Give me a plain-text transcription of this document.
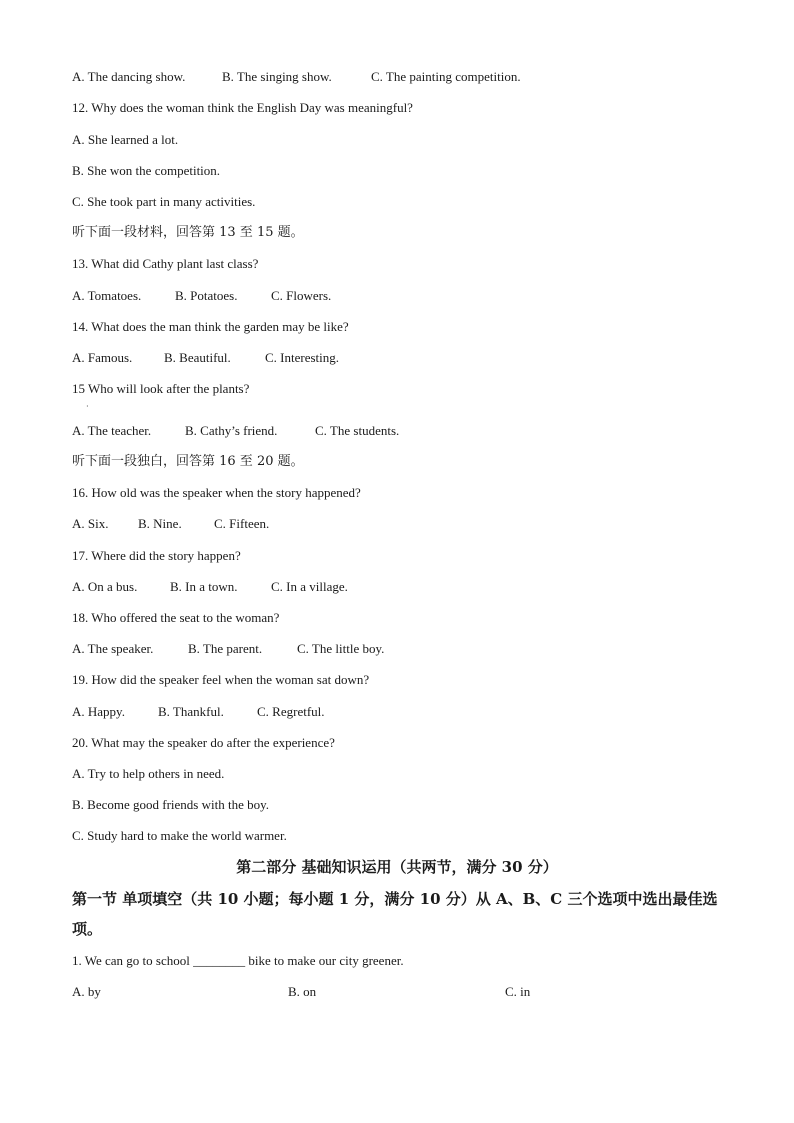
A. The dancing show.	B. The singing show.	C. The painting competition.
12. Why does the woman think the English Day was meaningful?
A. She learned a lot.
B. She won the competition.
C. She took part in many activities.
听下面一段材料，回答第 13 至 15 题。
13. What did Cathy plant last class?
A. Tomatoes.	B. Potatoes.	C. Flowers.
14. What does the man think the garden may be like?
A. Famous. B. Beautiful.	C. Interesting.
15 Who will look after the plants?
·
A. The teacher.	B. Cathy’s friend.	C. The students.
听下面一段独白，回答第 16 至 20 题。
16. How old was the speaker when the story happened?
A. Six. B. Nine. C. Fifteen.
17. Where did the story happen?
A. On a bus.	B. In a town.	C. In a village.
18. Who offered the seat to the woman?
A. The speaker.	B. The parent.	C. The little boy.
19. How did the speaker feel when the woman sat down?
A. Happy.	B. Thankful.	C. Regretful.
20. What may the speaker do after the experience?
A. Try to help others in need.
B. Become good friends with the boy.
C. Study hard to make the world warmer.
第二部分 基础知识运用（共两节，满分 30 分）
第一节 单项填空（共 10 小题；每小题 1 分，满分 10 分）从 A、B、C 三个选项中选出最佳选项。
1. We can go to school ________ bike to make our city greener.
A. by	B. on	C. in
